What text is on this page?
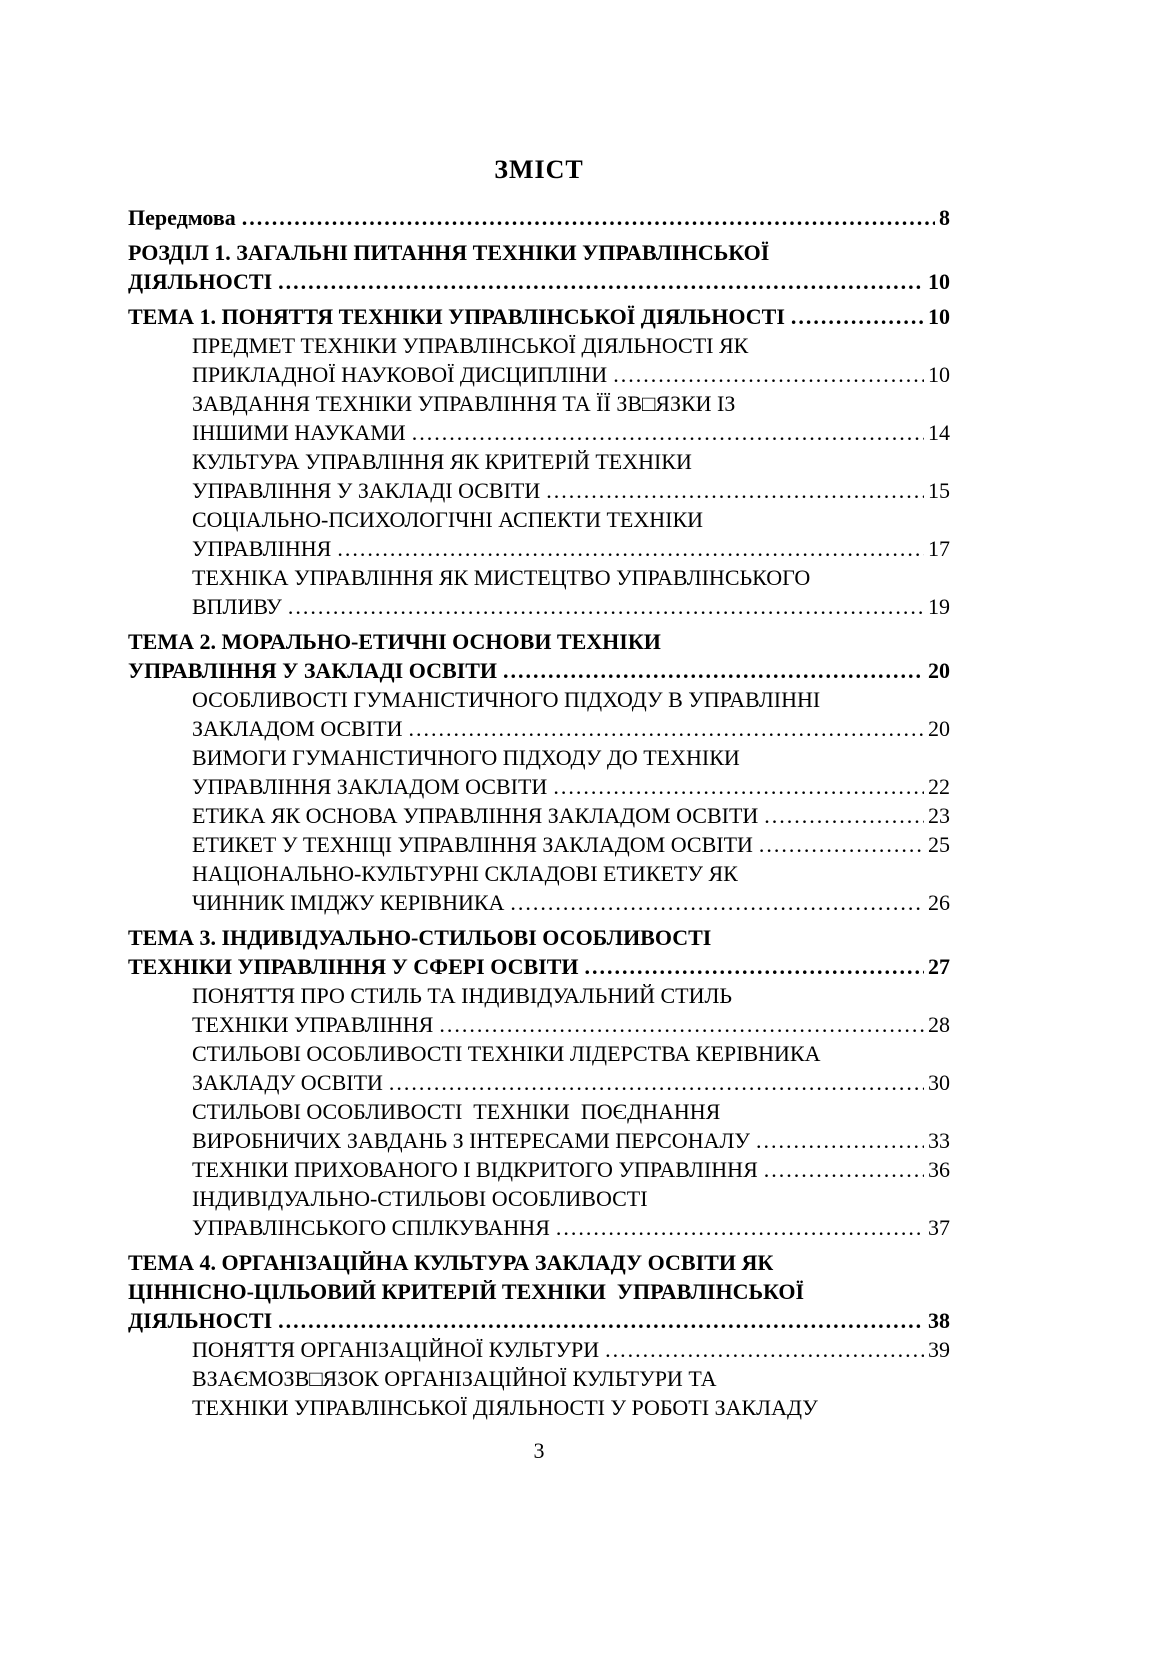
ЗМІСТ
Передмова .....	8
РОЗДІЛ 1. ЗАГАЛЬНІ ПИТАННЯ ТЕХНІКИ УПРАВЛІНСЬКОЇ
ДІЯЛЬНОСТІ .....	10
ТЕМА 1. ПОНЯТТЯ ТЕХНІКИ УПРАВЛІНСЬКОЇ ДІЯЛЬНОСТІ .....	10
ПРЕДМЕТ ТЕХНІКИ УПРАВЛІНСЬКОЇ ДІЯЛЬНОСТІ ЯК
ПРИКЛАДНОЇ НАУКОВОЇ ДИСЦИПЛІНИ .....	10
ЗАВДАННЯ ТЕХНІКИ УПРАВЛІННЯ ТА ЇЇ ЗВ□ЯЗКИ ІЗ
ІНШИМИ НАУКАМИ .....	14
КУЛЬТУРА УПРАВЛІННЯ ЯК КРИТЕРІЙ ТЕХНІКИ
УПРАВЛІННЯ У ЗАКЛАДІ ОСВІТИ .....	15
СОЦІАЛЬНО-ПСИХОЛОГІЧНІ АСПЕКТИ ТЕХНІКИ
УПРАВЛІННЯ .....	17
ТЕХНІКА УПРАВЛІННЯ ЯК МИСТЕЦТВО УПРАВЛІНСЬКОГО
ВПЛИВУ .....	19
ТЕМА 2. МОРАЛЬНО-ЕТИЧНІ ОСНОВИ ТЕХНІКИ
УПРАВЛІННЯ У ЗАКЛАДІ ОСВІТИ .....	20
ОСОБЛИВОСТІ ГУМАНІСТИЧНОГО ПІДХОДУ В УПРАВЛІННІ
ЗАКЛАДОМ ОСВІТИ .....	20
ВИМОГИ ГУМАНІСТИЧНОГО ПІДХОДУ ДО ТЕХНІКИ
УПРАВЛІННЯ ЗАКЛАДОМ ОСВІТИ .....	22
ЕТИКА ЯК ОСНОВА УПРАВЛІННЯ ЗАКЛАДОМ ОСВІТИ .....	23
ЕТИКЕТ У ТЕХНІЦІ УПРАВЛІННЯ ЗАКЛАДОМ ОСВІТИ .....	25
НАЦІОНАЛЬНО-КУЛЬТУРНІ СКЛАДОВІ ЕТИКЕТУ ЯК
ЧИННИК ІМІДЖУ КЕРІВНИКА .....	26
ТЕМА 3. ІНДИВІДУАЛЬНО-СТИЛЬОВІ ОСОБЛИВОСТІ
ТЕХНІКИ УПРАВЛІННЯ У СФЕРІ ОСВІТИ .....	27
ПОНЯТТЯ ПРО СТИЛЬ ТА ІНДИВІДУАЛЬНИЙ СТИЛЬ
ТЕХНІКИ УПРАВЛІННЯ .....	28
СТИЛЬОВІ ОСОБЛИВОСТІ ТЕХНІКИ ЛІДЕРСТВА КЕРІВНИКА
ЗАКЛАДУ ОСВІТИ .....	30
СТИЛЬОВІ ОСОБЛИВОСТІ  ТЕХНІКИ  ПОЄДНАННЯ
ВИРОБНИЧИХ ЗАВДАНЬ З ІНТЕРЕСАМИ ПЕРСОНАЛУ .....	33
ТЕХНІКИ ПРИХОВАНОГО І ВІДКРИТОГО УПРАВЛІННЯ .....	36
ІНДИВІДУАЛЬНО-СТИЛЬОВІ ОСОБЛИВОСТІ
УПРАВЛІНСЬКОГО СПІЛКУВАННЯ .....	37
ТЕМА 4. ОРГАНІЗАЦІЙНА КУЛЬТУРА ЗАКЛАДУ ОСВІТИ ЯК
ЦІННІСНО-ЦІЛЬОВИЙ КРИТЕРІЙ ТЕХНІКИ  УПРАВЛІНСЬКОЇ
ДІЯЛЬНОСТІ .....	38
ПОНЯТТЯ ОРГАНІЗАЦІЙНОЇ КУЛЬТУРИ .....	39
ВЗАЄМОЗВ□ЯЗОК ОРГАНІЗАЦІЙНОЇ КУЛЬТУРИ ТА
ТЕХНІКИ УПРАВЛІНСЬКОЇ ДІЯЛЬНОСТІ У РОБОТІ ЗАКЛАДУ
3
